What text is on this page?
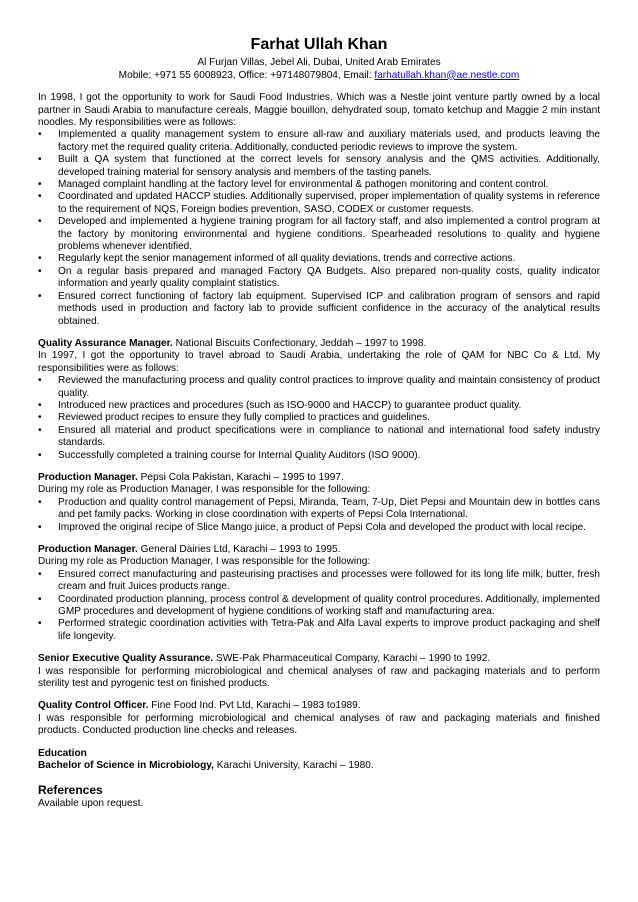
Farhat Ullah Khan
Al Furjan Villas, Jebel Ali, Dubai, United Arab Emirates
Mobile: +971 55 6008923, Office: +97148079804, Email: farhatullah.khan@ae.nestle.com

In 1998, I got the opportunity to work for Saudi Food Industries. Which was a Nestle joint venture partly owned by a local partner in Saudi Arabia to manufacture cereals, Maggie bouillon, dehydrated soup, tomato ketchup and Maggie 2 min instant noodles. My responsibilities were as follows:

•	Implemented a quality management system to ensure all-raw and auxiliary materials used, and products leaving the factory met the required quality criteria. Additionally, conducted periodic reviews to improve the system.
•	Built a QA system that functioned at the correct levels for sensory analysis and the QMS activities. Additionally, developed training material for sensory analysis and members of the tasting panels.
•	Managed complaint handling at the factory level for environmental & pathogen monitoring and content control.
•	Coordinated and updated HACCP studies. Additionally supervised, proper implementation of quality systems in reference to the requirement of NQS, Foreign bodies prevention, SASO, CODEX or customer requests.
•	Developed and implemented a hygiene training program for all factory staff, and also implemented a control program at the factory by monitoring environmental and hygiene conditions. Spearheaded resolutions to quality and hygiene problems whenever identified.
•	Regularly kept the senior management informed of all quality deviations, trends and corrective actions.
•	On a regular basis prepared and managed Factory QA Budgets. Also prepared non-quality costs, quality indicator information and yearly quality complaint statistics.
•	Ensured correct functioning of factory lab equipment. Supervised ICP and calibration program of sensors and rapid methods used in production and factory lab to provide sufficient confidence in the accuracy of the analytical results obtained.

Quality Assurance Manager. National Biscuits Confectionary, Jeddah – 1997 to 1998.

In 1997, I got the opportunity to travel abroad to Saudi Arabia, undertaking the role of QAM for NBC Co & Ltd. My responsibilities were as follows:

•	Reviewed the manufacturing process and quality control practices to improve quality and maintain consistency of product quality.
•	Introduced new practices and procedures (such as ISO-9000 and HACCP) to guarantee product quality.
•	Reviewed product recipes to ensure they fully complied to practices and guidelines.
•	Ensured all material and product specifications were in compliance to national and international food safety industry standards.
•	Successfully completed a training course for Internal Quality Auditors (ISO 9000).

Production Manager. Pepsi Cola Pakistan, Karachi – 1995 to 1997.

During my role as Production Manager, I was responsible for the following:

•	Production and quality control management of Pepsi, Miranda, Team, 7-Up, Diet Pepsi and Mountain dew in bottles cans and pet family packs. Working in close coordination with experts of Pepsi Cola International.
•	Improved the original recipe of Slice Mango juice, a product of Pepsi Cola and developed the product with local recipe.

Production Manager. General Dairies Ltd, Karachi – 1993 to 1995.

During my role as Production Manager, I was responsible for the following:

•	Ensured correct manufacturing and pasteurising practises and processes were followed for its long life milk, butter, fresh cream and fruit Juices products range.
•	Coordinated production planning, process control & development of quality control procedures. Additionally, implemented GMP procedures and development of hygiene conditions of working staff and manufacturing area.
•	Performed strategic coordination activities with Tetra-Pak and Alfa Laval experts to improve product packaging and shelf life longevity.

Senior Executive Quality Assurance. SWE-Pak Pharmaceutical Company, Karachi – 1990 to 1992.

I was responsible for performing microbiological and chemical analyses of raw and packaging materials and to perform sterility test and pyrogenic test on finished products.

Quality Control Officer. Fine Food Ind. Pvt Ltd, Karachi – 1983 to1989.

I was responsible for performing microbiological and chemical analyses of raw and packaging materials and finished products. Conducted production line checks and releases.

Education

Bachelor of Science in Microbiology, Karachi University, Karachi – 1980.

References

Available upon request.
